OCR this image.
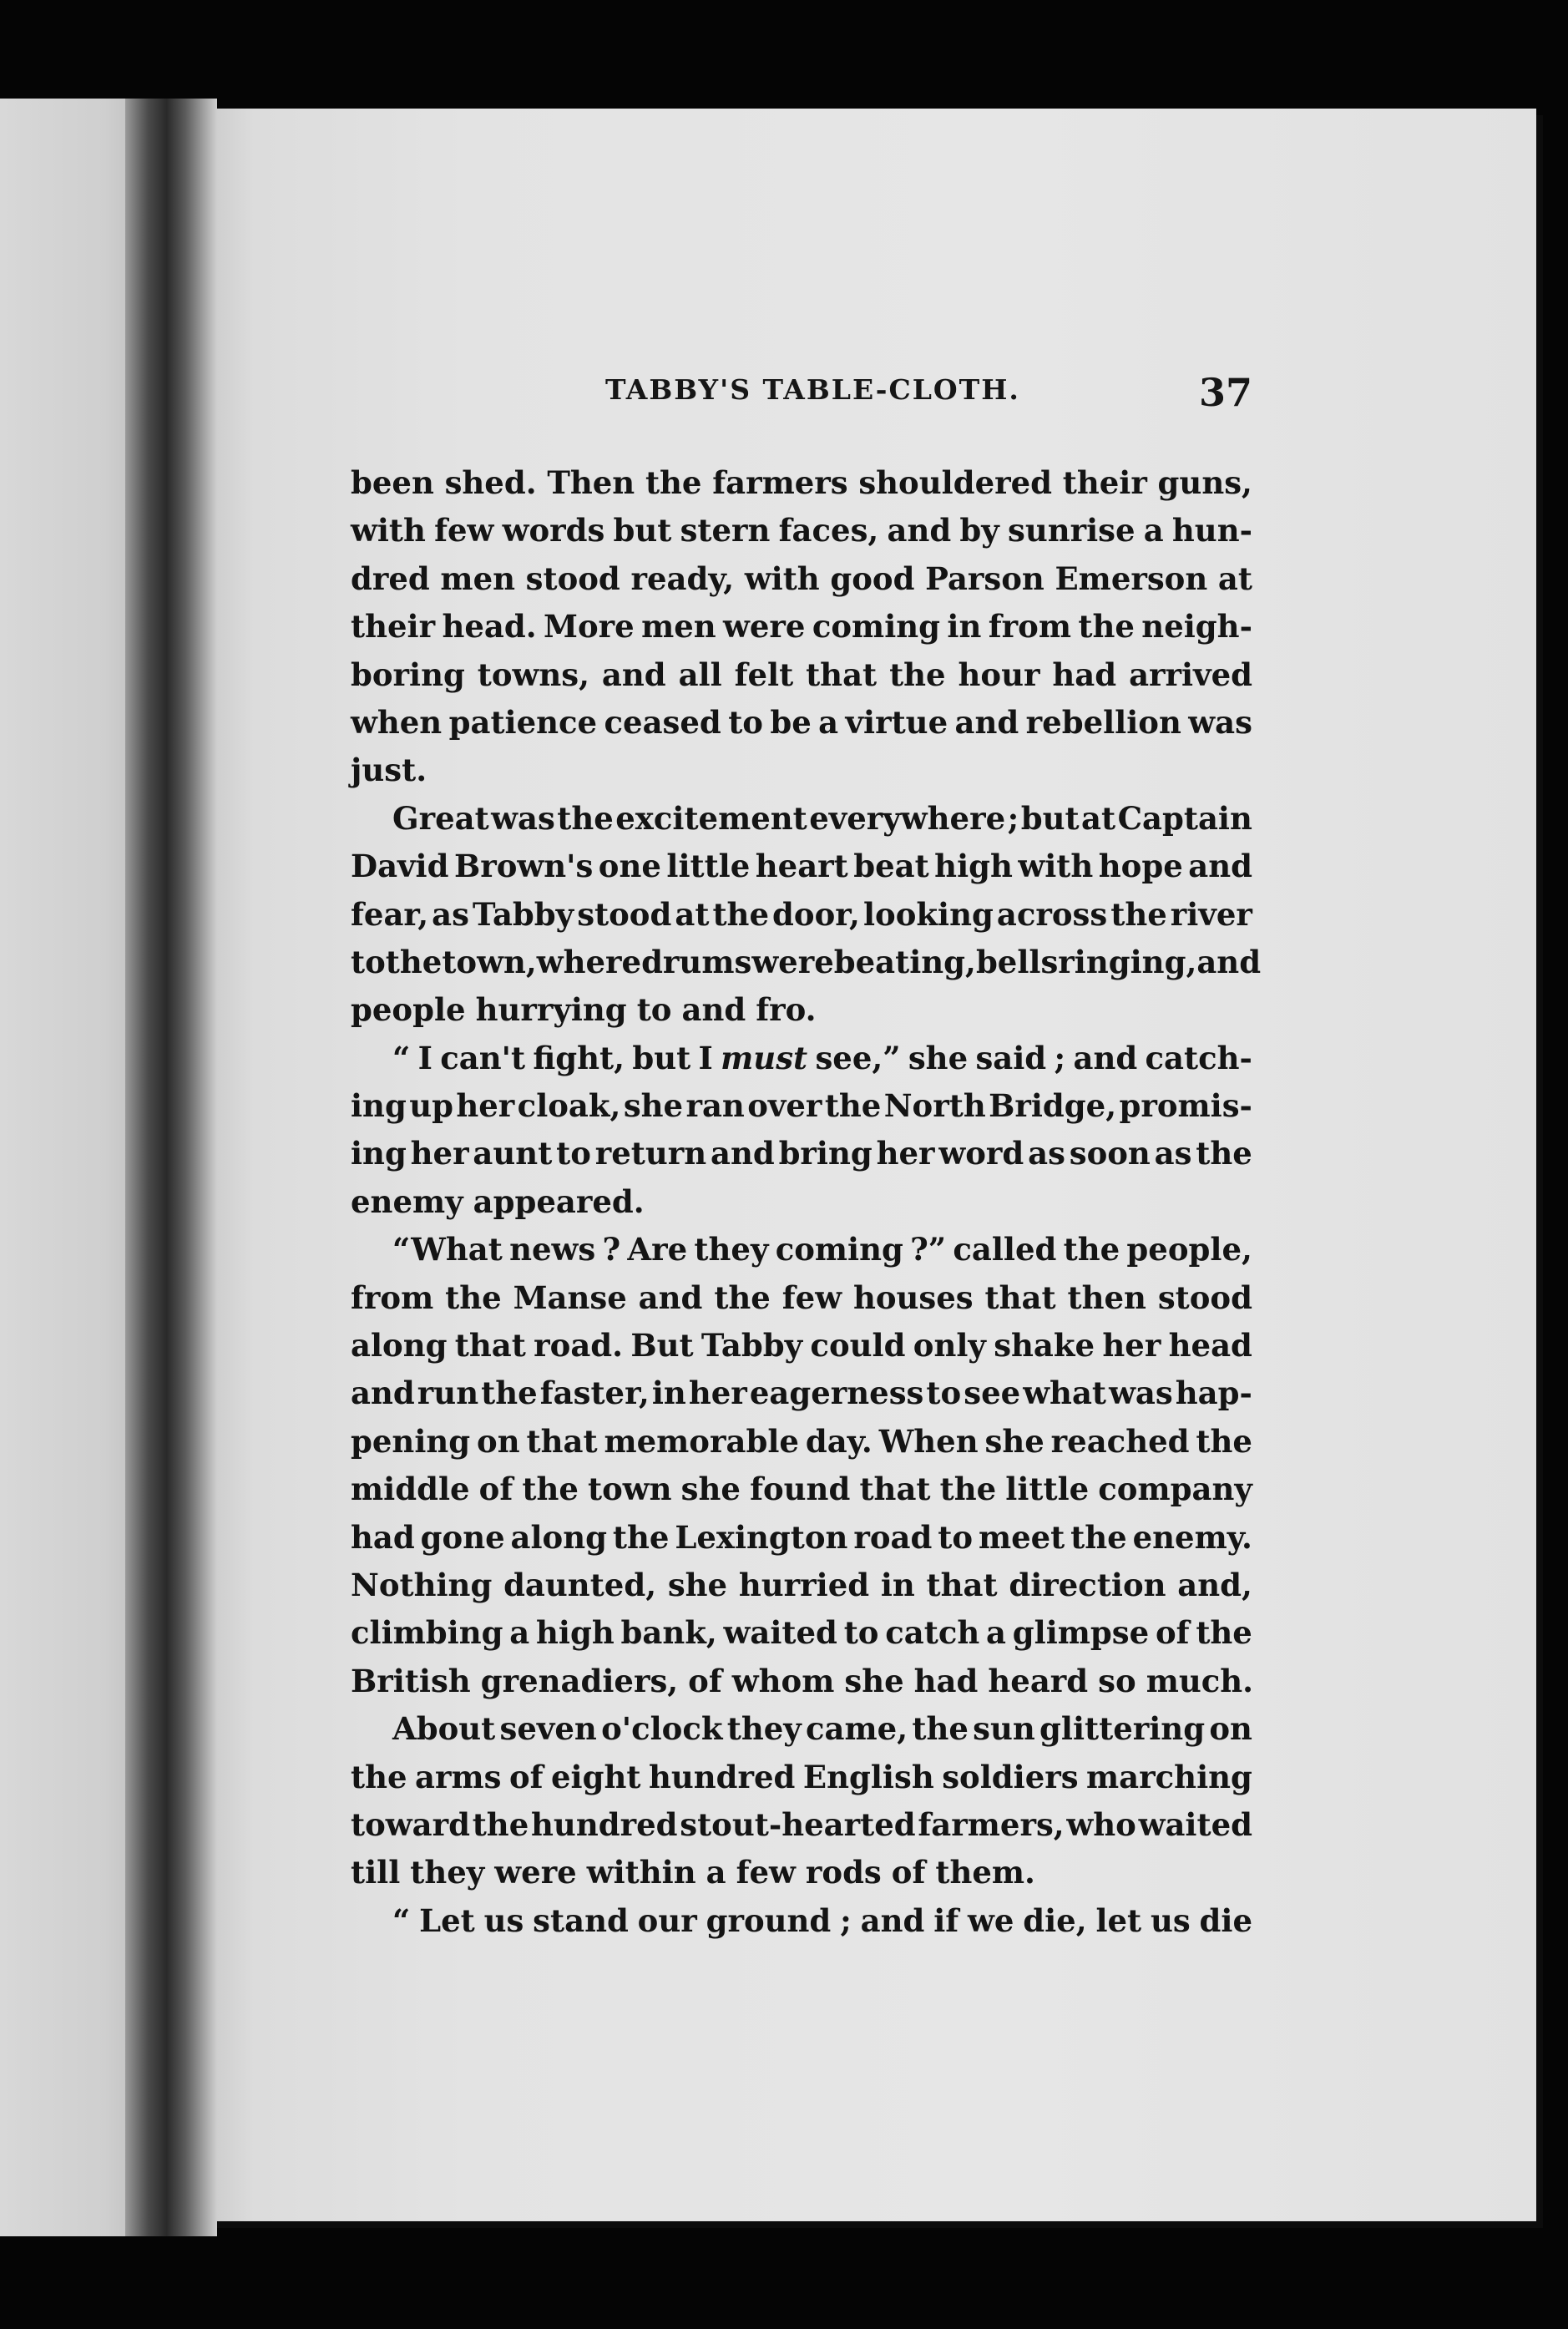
TABBY'S TABLE-CLOTH.	37
been shed. Then the farmers shouldered their guns,
with few words but stern faces, and by sunrise a hun-
dred men stood ready, with good Parson Emerson at
their head. More men were coming in from the neigh-
boring towns, and all felt that the hour had arrived
when patience ceased to be a virtue and rebellion was
just.
Great was the excitement everywhere ; but at Captain
David Brown's one little heart beat high with hope and
fear, as Tabby stood at the door, looking across the river
to the town, where drums were beating, bells ringing, and
people hurrying to and fro.
“ I can't fight, but I must see,” she said ; and catch-
ing up her cloak, she ran over the North Bridge, promis-
ing her aunt to return and bring her word as soon as the
enemy appeared.
“What news ? Are they coming ?” called the people,
from the Manse and the few houses that then stood
along that road. But Tabby could only shake her head
and run the faster, in her eagerness to see what was hap-
pening on that memorable day. When she reached the
middle of the town she found that the little company
had gone along the Lexington road to meet the enemy.
Nothing daunted, she hurried in that direction and,
climbing a high bank, waited to catch a glimpse of the
British grenadiers, of whom she had heard so much.
About seven o'clock they came, the sun glittering on
the arms of eight hundred English soldiers marching
toward the hundred stout-hearted farmers, who waited
till they were within a few rods of them.
“ Let us stand our ground ; and if we die, let us die
